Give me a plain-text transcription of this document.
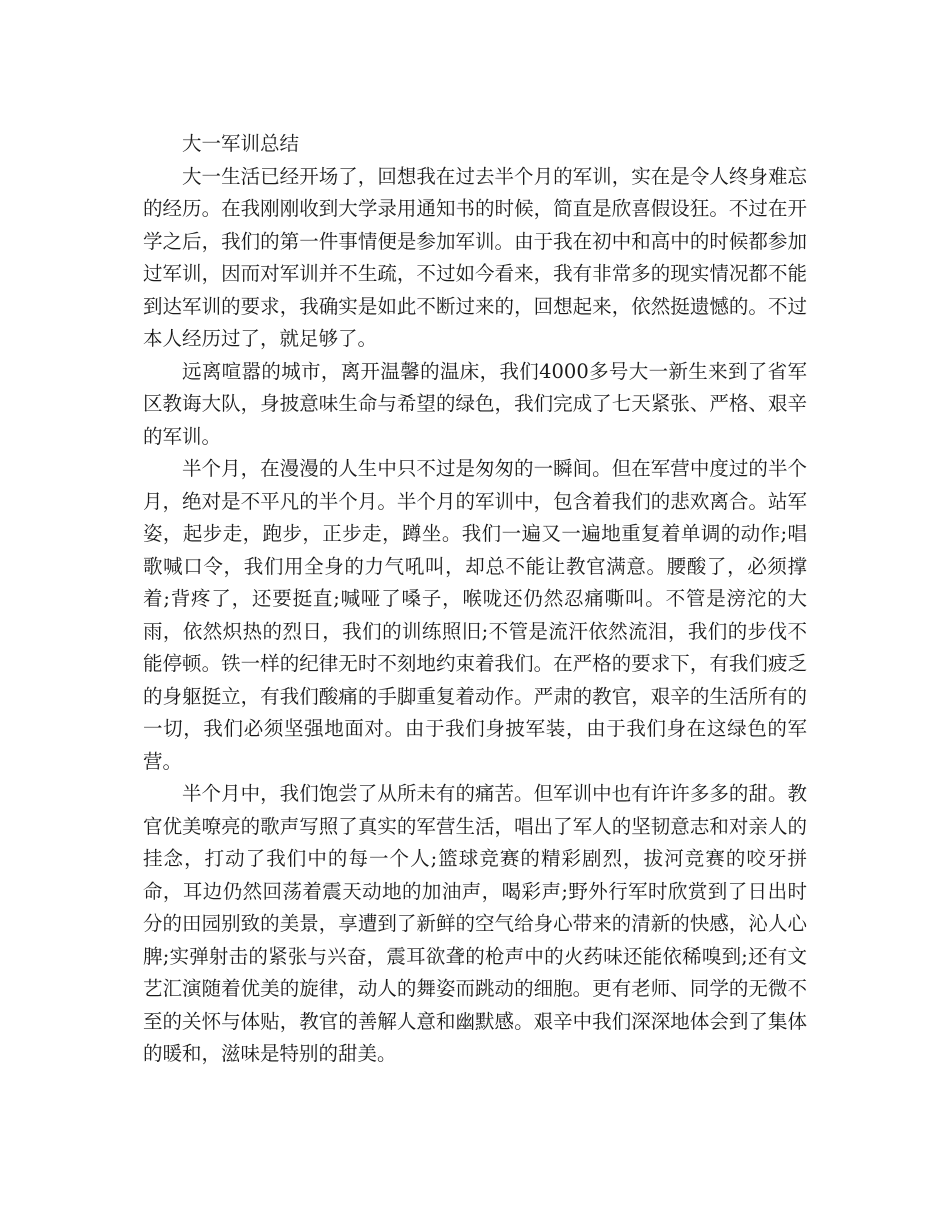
大一军训总结

大一生活已经开场了，回想我在过去半个月的军训，实在是令人终身难忘的经历。在我刚刚收到大学录用通知书的时候，简直是欣喜假设狂。不过在开学之后，我们的第一件事情便是参加军训。由于我在初中和高中的时候都参加过军训，因而对军训并不生疏，不过如今看来，我有非常多的现实情况都不能到达军训的要求，我确实是如此不断过来的，回想起来，依然挺遗憾的。不过本人经历过了，就足够了。

远离喧嚣的城市，离开温馨的温床，我们4000多号大一新生来到了省军区教诲大队，身披意味生命与希望的绿色，我们完成了七天紧张、严格、艰辛的军训。

半个月，在漫漫的人生中只不过是匆匆的一瞬间。但在军营中度过的半个月，绝对是不平凡的半个月。半个月的军训中，包含着我们的悲欢离合。站军姿，起步走，跑步，正步走，蹲坐。我们一遍又一遍地重复着单调的动作;唱歌喊口令，我们用全身的力气吼叫，却总不能让教官满意。腰酸了，必须撑着;背疼了，还要挺直;喊哑了嗓子，喉咙还仍然忍痛嘶叫。不管是滂沱的大雨，依然炽热的烈日，我们的训练照旧;不管是流汗依然流泪，我们的步伐不能停顿。铁一样的纪律无时不刻地约束着我们。在严格的要求下，有我们疲乏的身躯挺立，有我们酸痛的手脚重复着动作。严肃的教官，艰辛的生活所有的一切，我们必须坚强地面对。由于我们身披军装，由于我们身在这绿色的军营。

半个月中，我们饱尝了从所未有的痛苦。但军训中也有许许多多的甜。教官优美嘹亮的歌声写照了真实的军营生活，唱出了军人的坚韧意志和对亲人的挂念，打动了我们中的每一个人;篮球竞赛的精彩剧烈，拔河竞赛的咬牙拼命，耳边仍然回荡着震天动地的加油声，喝彩声;野外行军时欣赏到了日出时分的田园别致的美景，享遭到了新鲜的空气给身心带来的清新的快感，沁人心脾;实弹射击的紧张与兴奋，震耳欲聋的枪声中的火药味还能依稀嗅到;还有文艺汇演随着优美的旋律，动人的舞姿而跳动的细胞。更有老师、同学的无微不至的关怀与体贴，教官的善解人意和幽默感。艰辛中我们深深地体会到了集体的暖和，滋味是特别的甜美。
